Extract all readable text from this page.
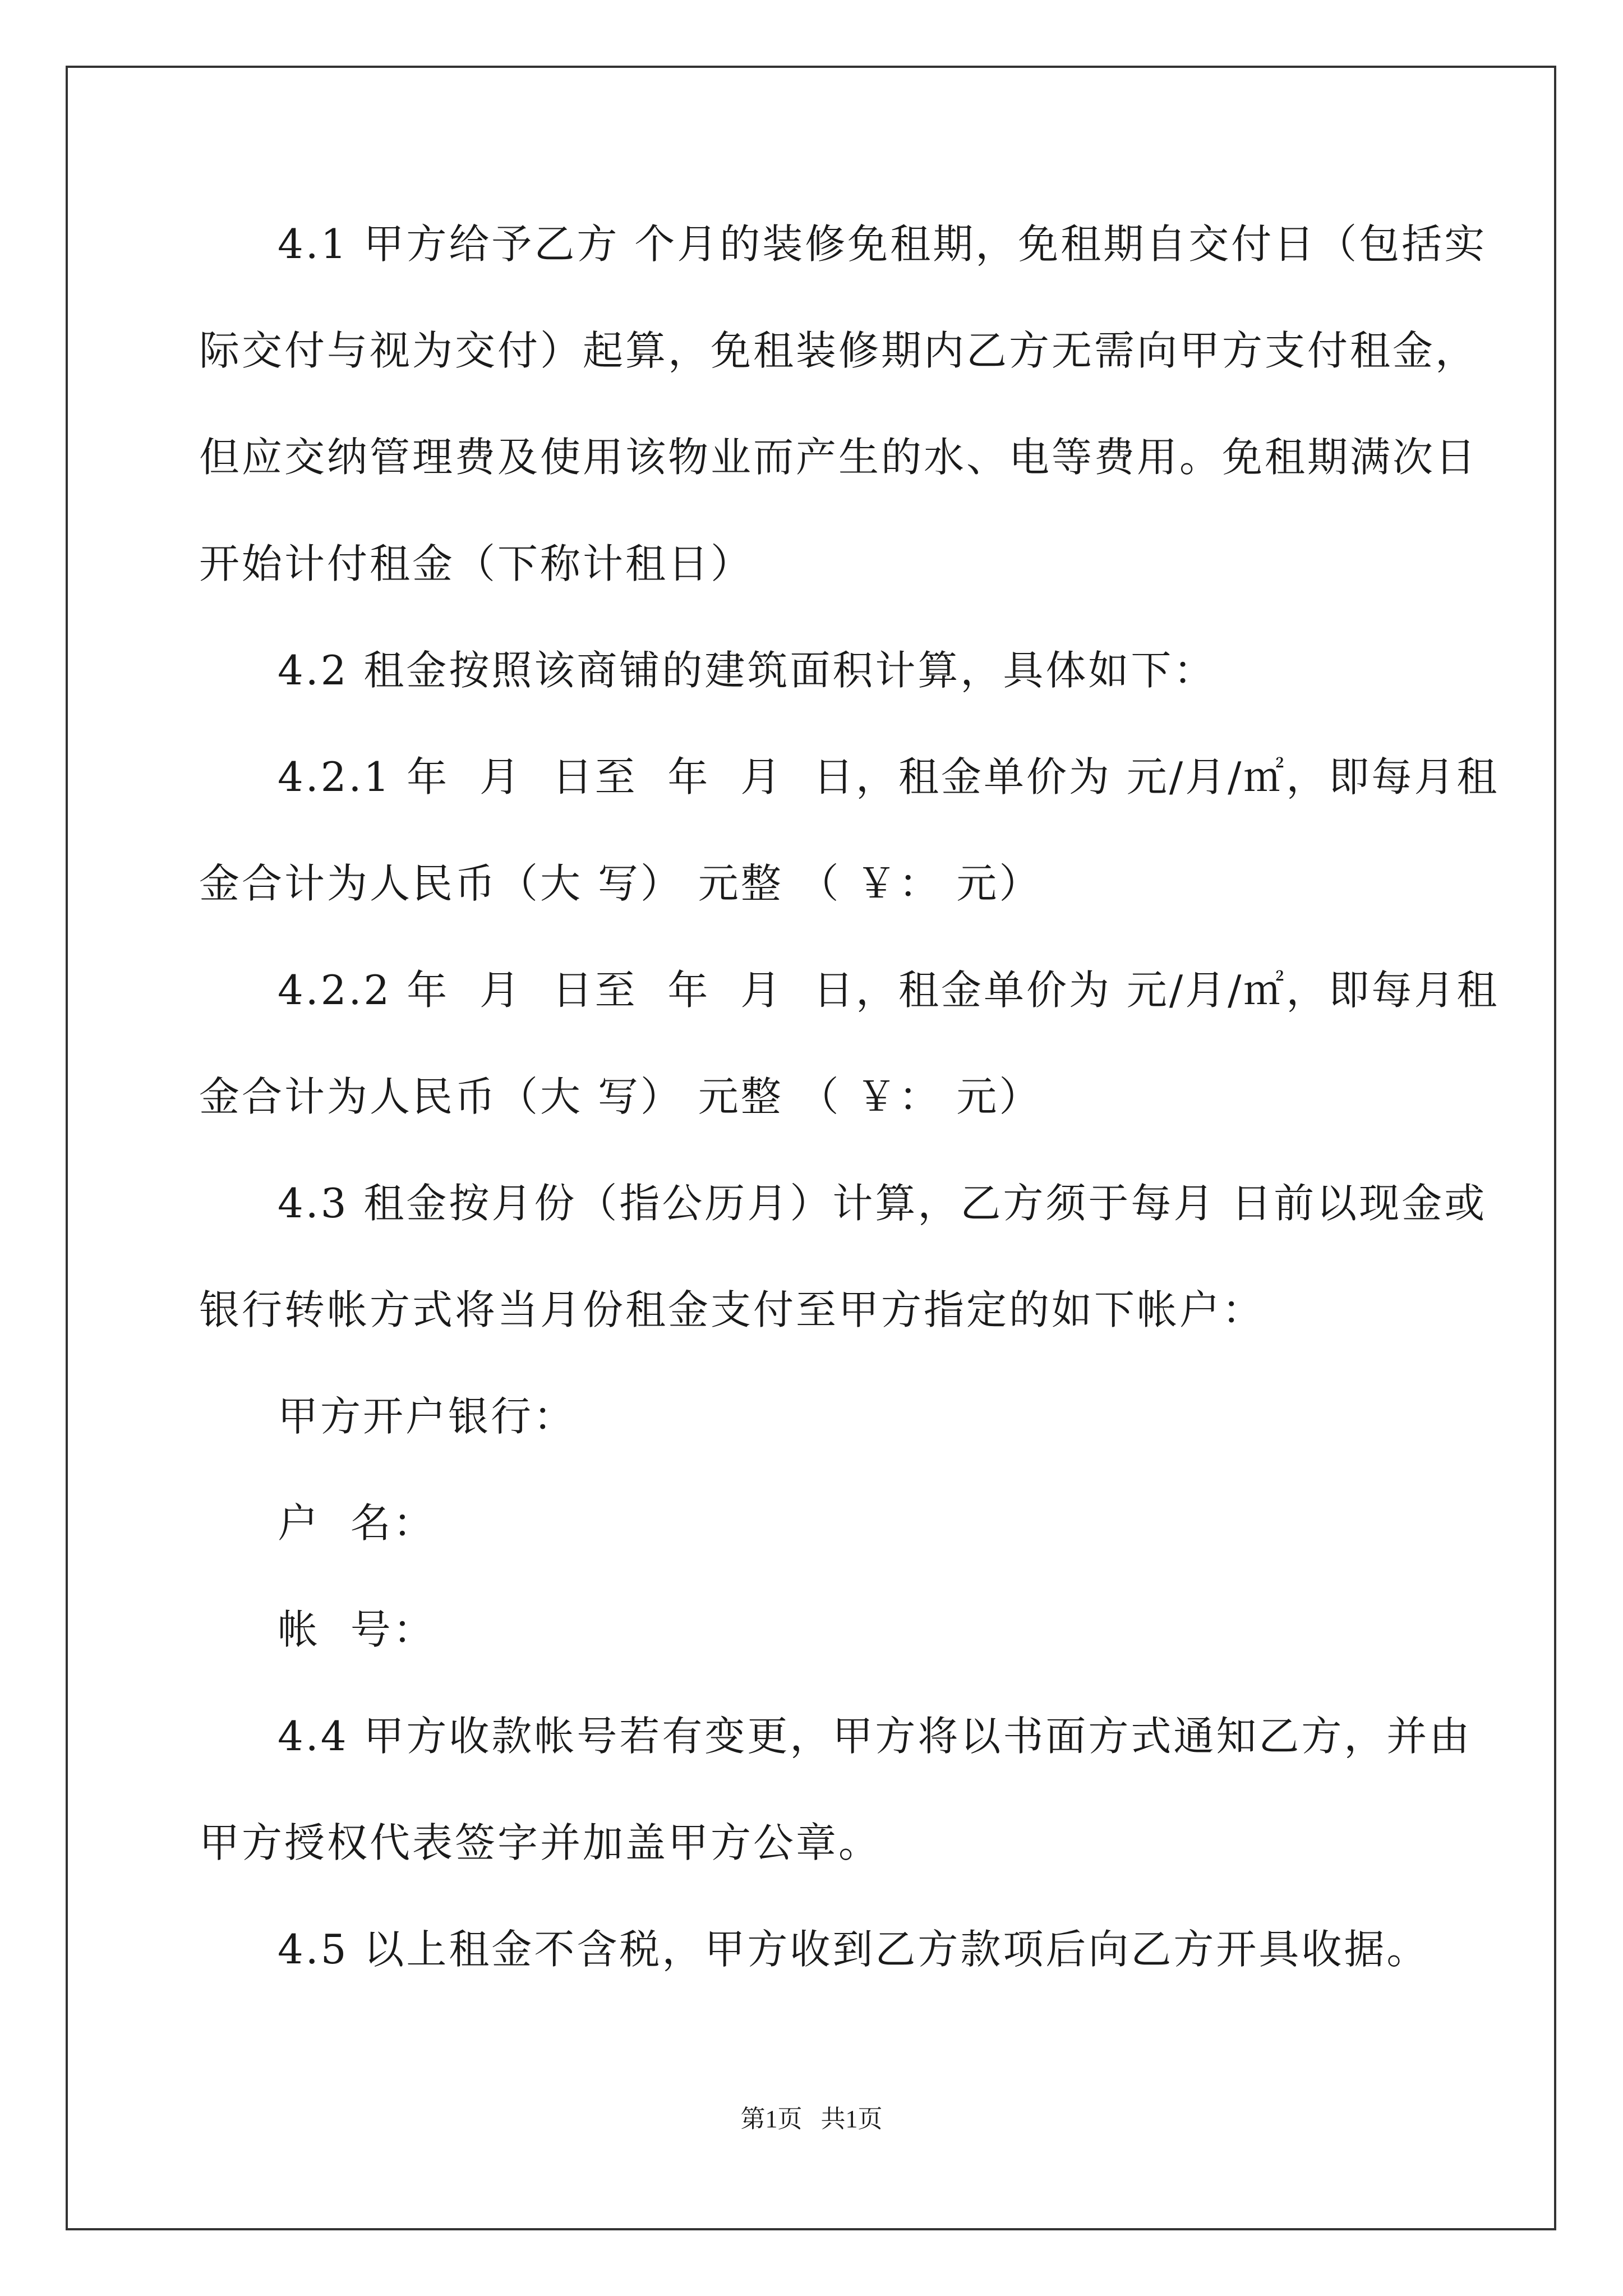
4.1 甲方给予乙方 个月的装修免租期，免租期自交付日（包括实
际交付与视为交付）起算，免租装修期内乙方无需向甲方支付租金，
但应交纳管理费及使用该物业而产生的水、电等费用。免租期满次日
开始计付租金（下称计租日）
4.2 租金按照该商铺的建筑面积计算，具体如下：
4.2.1 年  月  日至  年  月  日，租金单价为 元/月/㎡，即每月租
金合计为人民币（大 写） 元整 （ ￥： 元）
4.2.2 年  月  日至  年  月  日，租金单价为 元/月/㎡，即每月租
金合计为人民币（大 写） 元整 （ ￥： 元）
4.3 租金按月份（指公历月）计算，乙方须于每月 日前以现金或
银行转帐方式将当月份租金支付至甲方指定的如下帐户：
甲方开户银行：
户  名：
帐  号：
4.4 甲方收款帐号若有变更，甲方将以书面方式通知乙方，并由
甲方授权代表签字并加盖甲方公章。
4.5 以上租金不含税，甲方收到乙方款项后向乙方开具收据。
第1页   共1页
